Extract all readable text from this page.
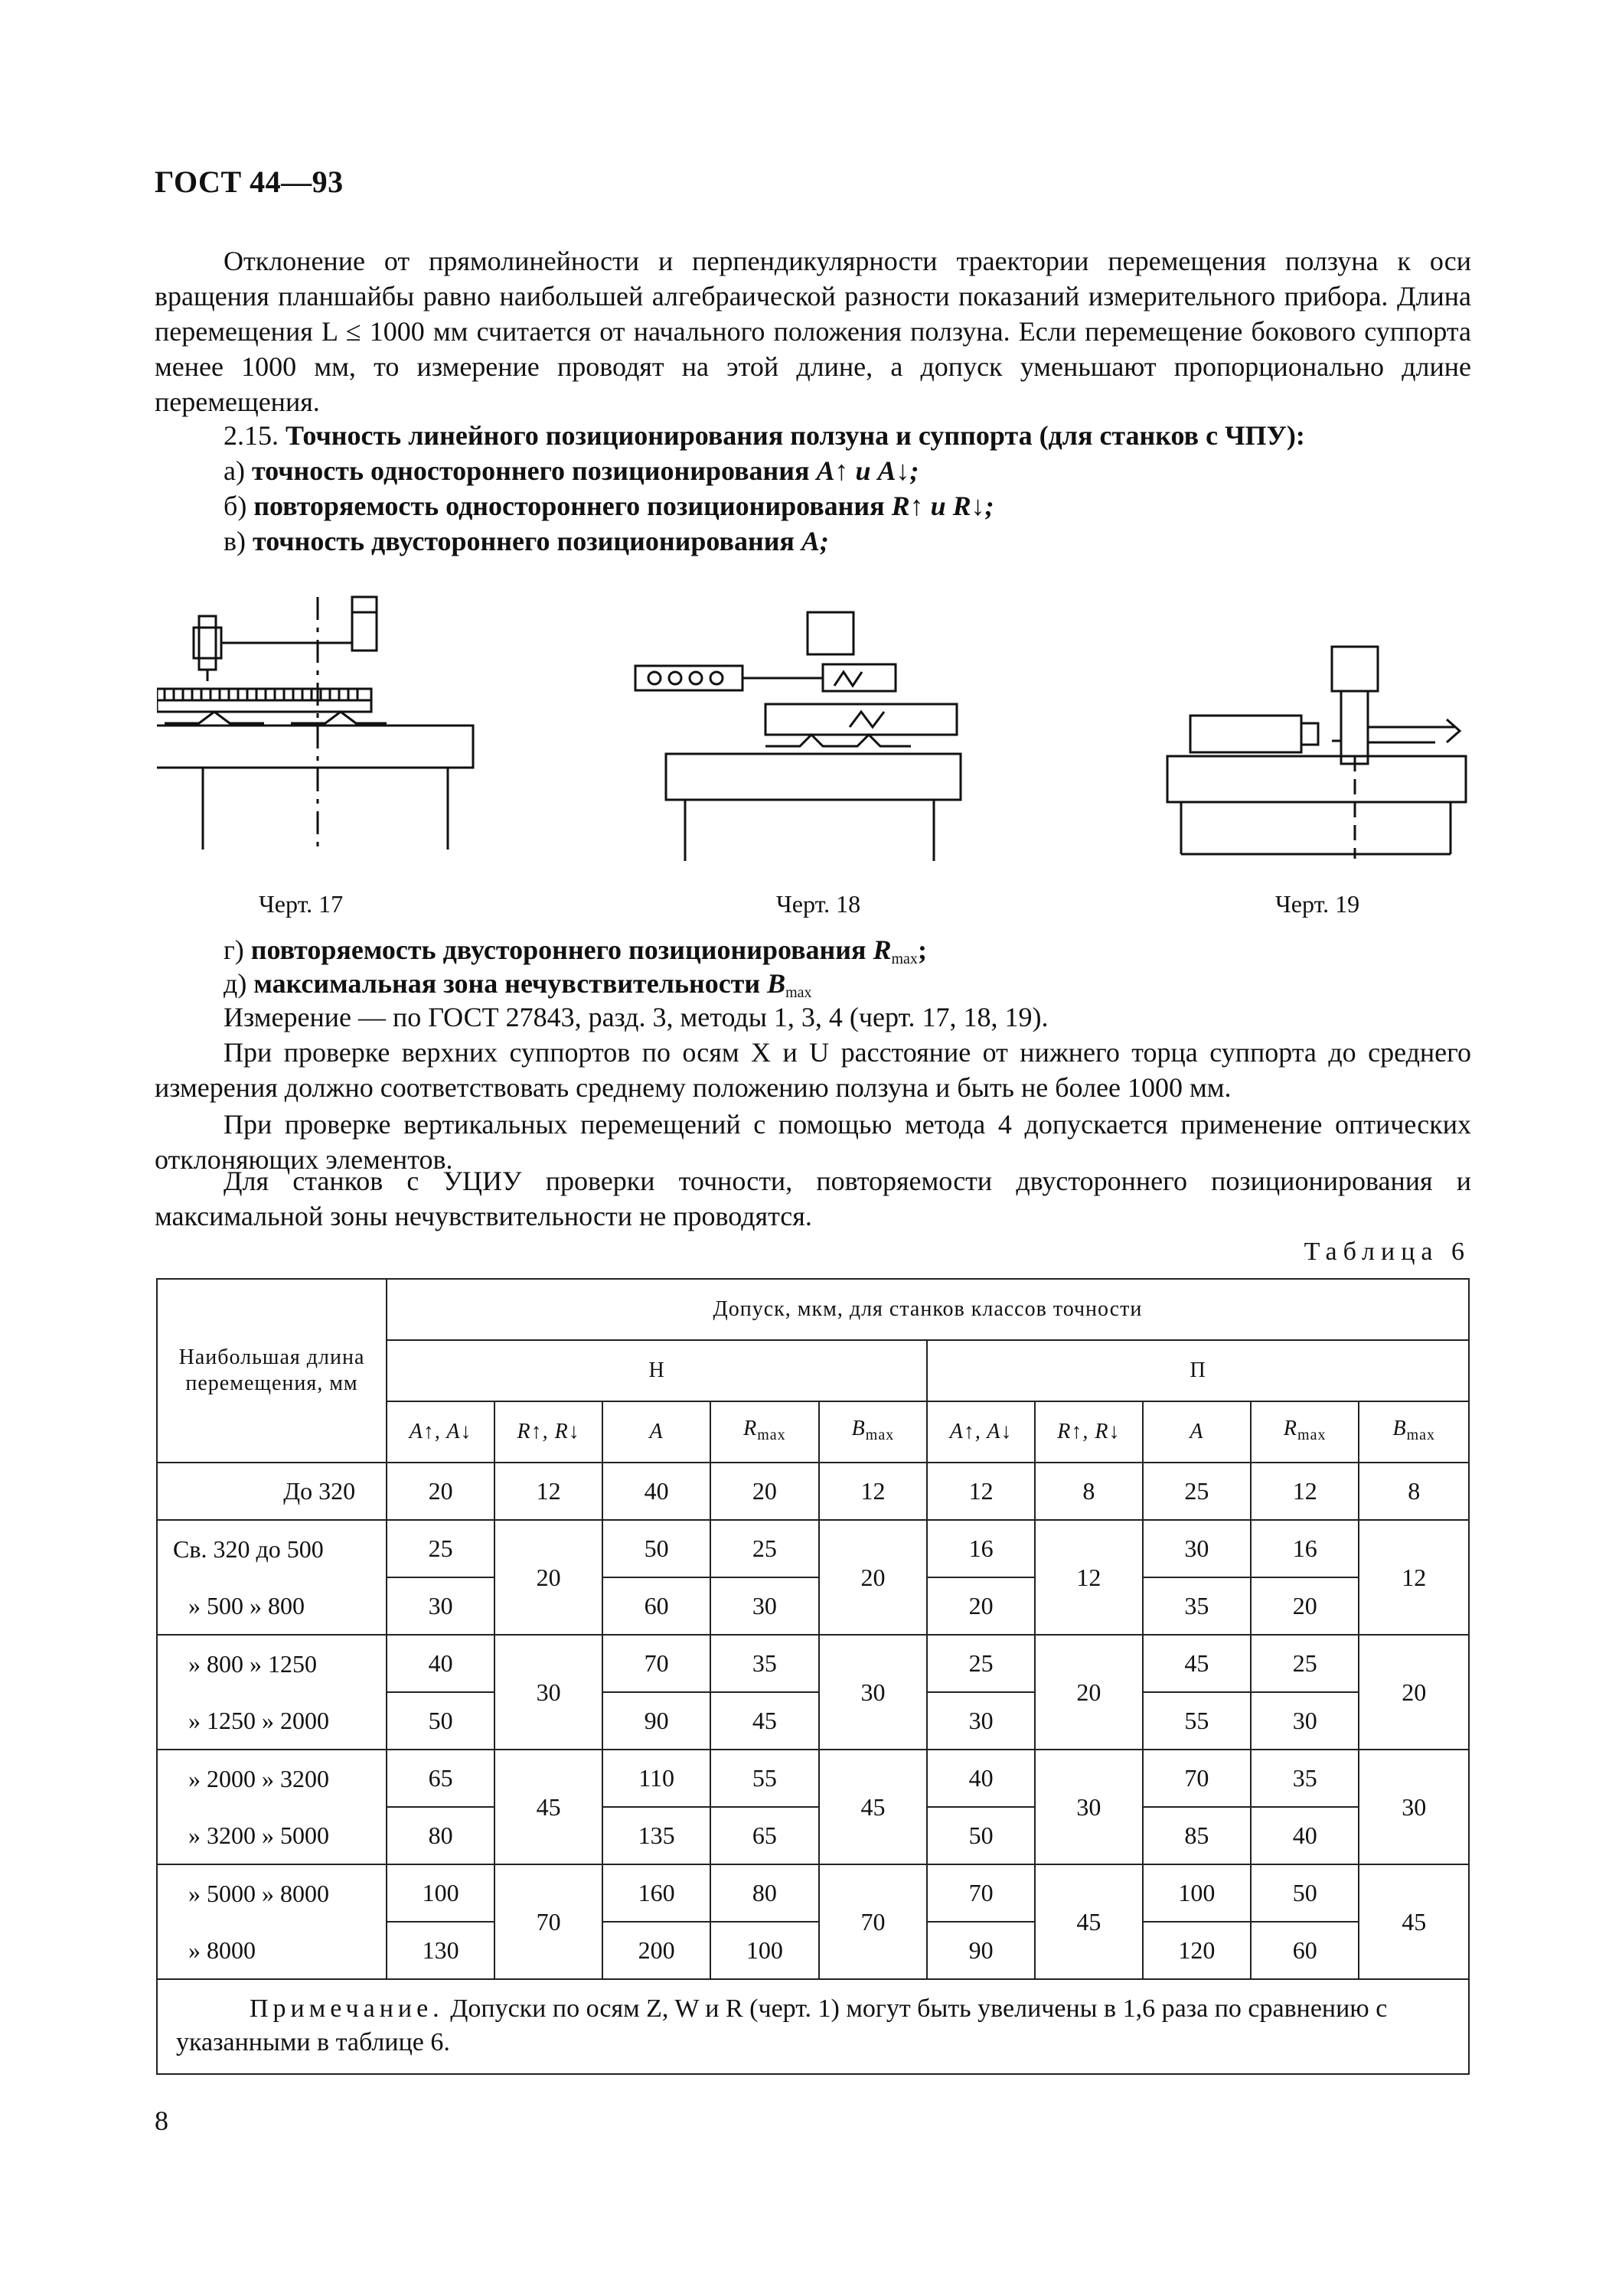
ГОСТ 44—93
Отклонение от прямолинейности и перпендикулярности траектории перемещения ползуна к оси вращения планшайбы равно наибольшей алгебраической разности показаний измерительного прибора. Длина перемещения L ≤ 1000 мм считается от начального положения ползуна. Если перемещение бокового суппорта менее 1000 мм, то измерение проводят на этой длине, а допуск уменьшают пропорционально длине перемещения.
2.15. Точность линейного позиционирования ползуна и суппорта (для станков с ЧПУ):
а) точность одностороннего позиционирования A↑ и A↓;
б) повторяемость одностороннего позиционирования R↑ и R↓;
в) точность двустороннего позиционирования A;
Черт. 17	Черт. 18	Черт. 19
г) повторяемость двустороннего позиционирования $R_{max}$;
д) максимальная зона нечувствительности $B_{max}$
Измерение — по ГОСТ 27843, разд. 3, методы 1, 3, 4 (черт. 17, 18, 19).
При проверке верхних суппортов по осям X и U расстояние от нижнего торца суппорта до среднего измерения должно соответствовать среднему положению ползуна и быть не более 1000 мм.
При проверке вертикальных перемещений с помощью метода 4 допускается применение оптических отклоняющих элементов.
Для станков с УЦИУ проверки точности, повторяемости двустороннего позиционирования и максимальной зоны нечувствительности не проводятся.
Таблица 6
Наибольшая длина перемещения, мм	Допуск, мкм, для станков классов точности									
	Н					П				
	A↑, A↓	R↑, R↓	A	$R_{max}$	$B_{max}$	A↑, A↓	R↑, R↓	A	$R_{max}$	$B_{max}$
До 320	20	12	40	20	12	12	8	25	12	8
Св. 320 до 500	25	20	50	25	20	16	12	30	16	12
» 500 » 800	30		60	30		20		35	20	
» 800 » 1250	40	30	70	35	30	25	20	45	25	20
» 1250 » 2000	50		90	45		30		55	30	
» 2000 » 3200	65	45	110	55	45	40	30	70	35	30
» 3200 » 5000	80		135	65		50		85	40	
» 5000 » 8000	100	70	160	80	70	70	45	100	50	45
» 8000	130		200	100		90		120	60	
Примечание. Допуски по осям Z, W и R (черт. 1) могут быть увеличены в 1,6 раза по сравнению с указанными в таблице 6.										
8
